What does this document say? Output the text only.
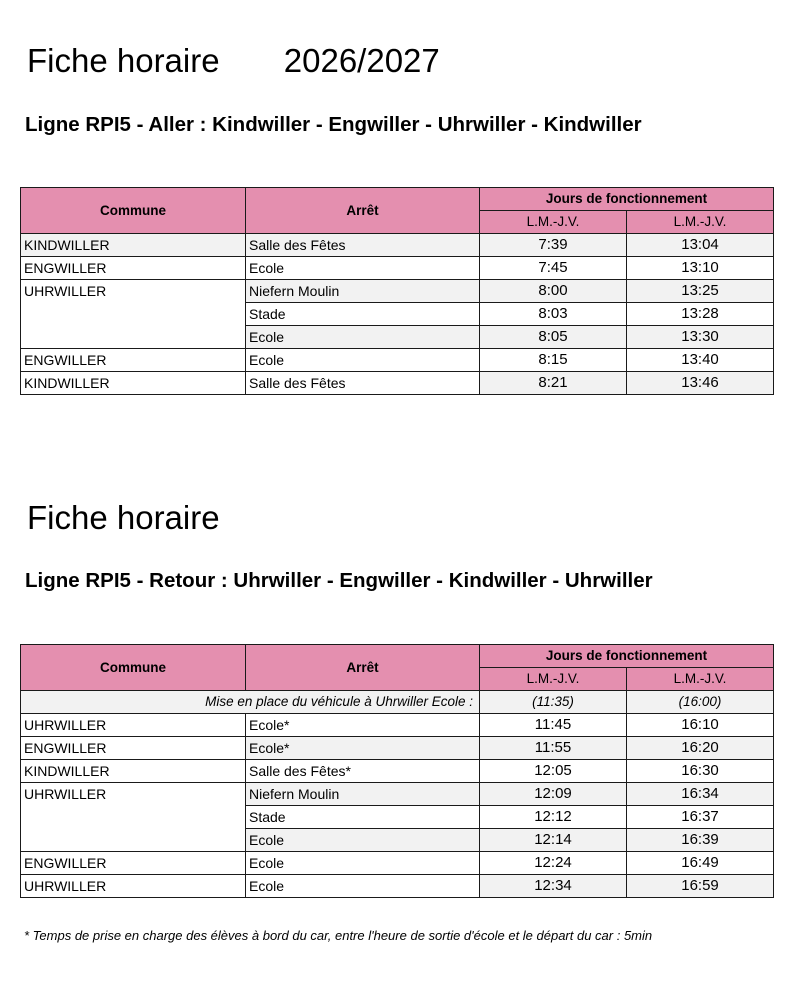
Fiche horaire       2026/2027
Ligne RPI5 - Aller : Kindwiller - Engwiller - Uhrwiller - Kindwiller
Commune	Arrêt	Jours de fonctionnement	
		L.M.-J.V.	L.M.-J.V.
KINDWILLER	Salle des Fêtes	7:39	13:04
ENGWILLER	Ecole	7:45	13:10
UHRWILLER	Niefern Moulin	8:00	13:25
	Stade	8:03	13:28
	Ecole	8:05	13:30
ENGWILLER	Ecole	8:15	13:40
KINDWILLER	Salle des Fêtes	8:21	13:46
Fiche horaire
Ligne RPI5 - Retour : Uhrwiller - Engwiller - Kindwiller - Uhrwiller
Commune	Arrêt	Jours de fonctionnement	
		L.M.-J.V.	L.M.-J.V.
Mise en place du véhicule à Uhrwiller Ecole :		(11:35)	(16:00)
UHRWILLER	Ecole*	11:45	16:10
ENGWILLER	Ecole*	11:55	16:20
KINDWILLER	Salle des Fêtes*	12:05	16:30
UHRWILLER	Niefern Moulin	12:09	16:34
	Stade	12:12	16:37
	Ecole	12:14	16:39
ENGWILLER	Ecole	12:24	16:49
UHRWILLER	Ecole	12:34	16:59

* Temps de prise en charge des élèves à bord du car, entre l'heure de sortie d'école et le départ du car : 5min
